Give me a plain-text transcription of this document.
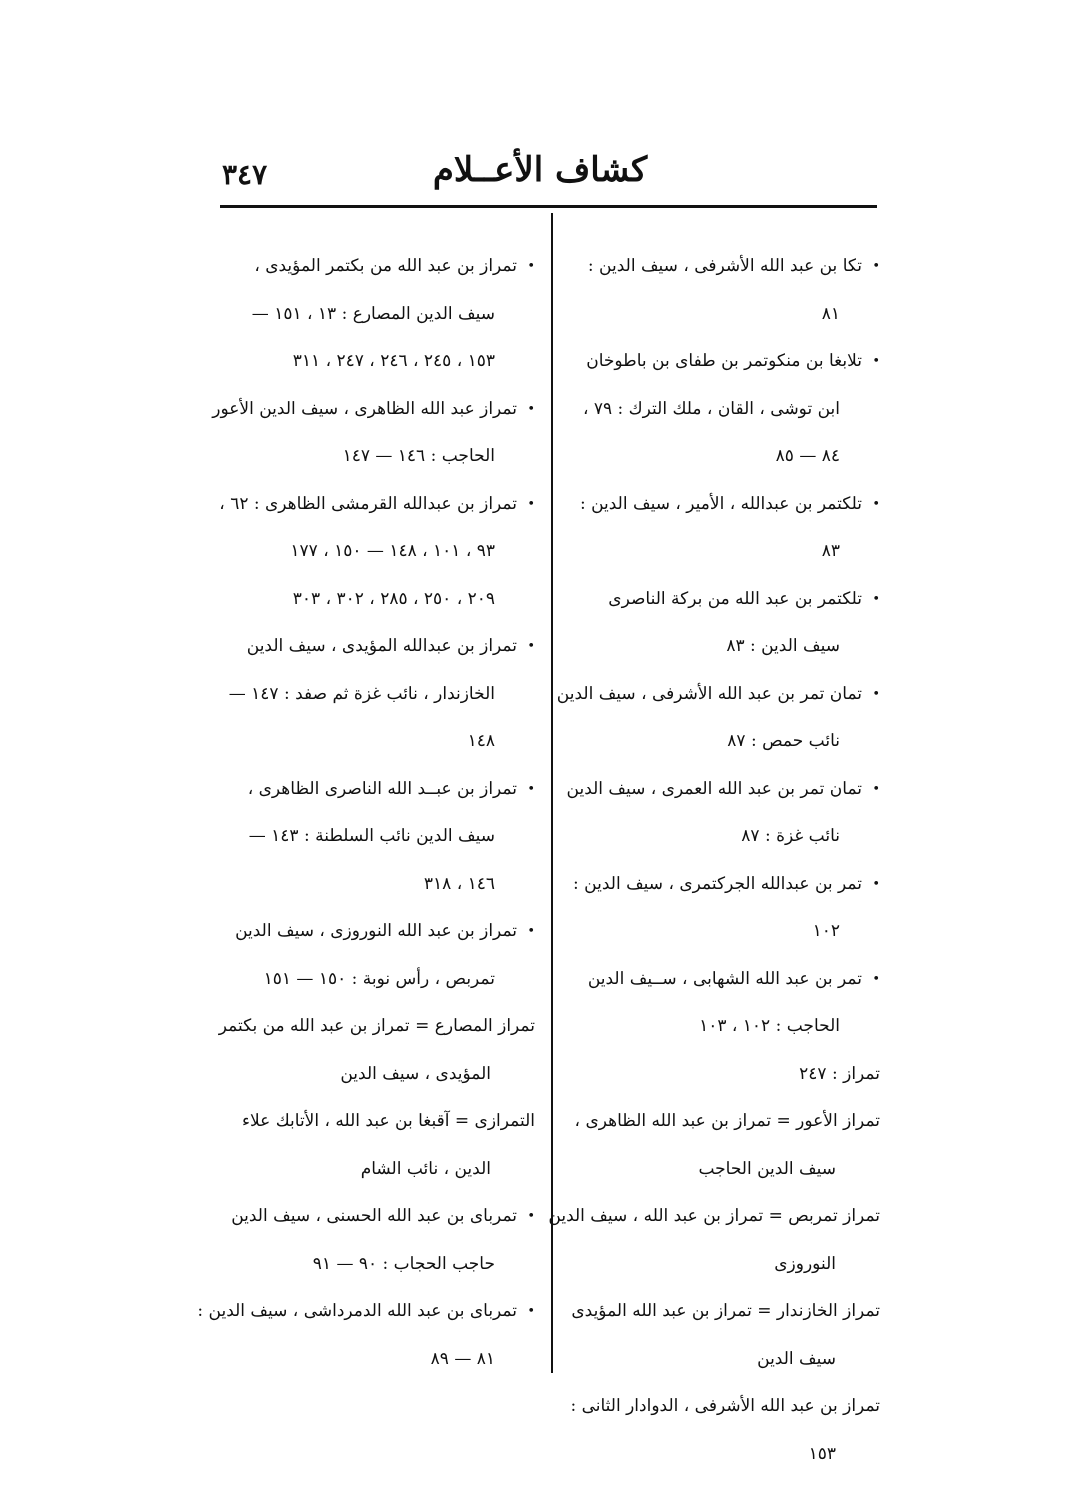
كشاف الأعــلام
٣٤٧
•
تكا بن عبد الله الأشرفى ، سيف الدين :
٨١
•
تلابغا بن منكوتمر بن طفاى بن باطوخان
ابن توشى ، القان ، ملك الترك : ٧٩ ،
٨٤ — ٨٥
•
تلكتمر بن عبدالله ، الأمير ، سيف الدين :
٨٣
•
تلكتمر بن عبد الله من بركة الناصرى
سيف الدين : ٨٣
•
تمان تمر بن عبد الله الأشرفى ، سيف الدين
نائب حمص : ٨٧
•
تمان تمر بن عبد الله العمرى ، سيف الدين
نائب غزة : ٨٧
•
تمر بن عبدالله الجركتمرى ، سيف الدين :
١٠٢
•
تمر بن عبد الله الشهابى ، ســيف الدين
الحاجب : ١٠٢ ، ١٠٣
تمراز : ٢٤٧
تمراز الأعور = تمراز بن عبد الله الظاهرى ،
سيف الدين الحاجب
تمراز تمربص = تمراز بن عبد الله ، سيف الدين
النوروزى
تمراز الخازندار = تمراز بن عبد الله المؤيدى
سيف الدين
تمراز بن عبد الله الأشرفى ، الدوادار الثانى :
١٥٣
•
تمراز بن عبد الله من بكتمر المؤيدى ،
سيف الدين المصارع : ١٣ ، ١٥١ —
١٥٣ ، ٢٤٥ ، ٢٤٦ ، ٢٤٧ ، ٣١١
•
تمراز عبد الله الظاهرى ، سيف الدين الأعور
الحاجب : ١٤٦ — ١٤٧
•
تمراز بن عبدالله القرمشى الظاهرى : ٦٢ ،
٩٣ ، ١٠١ ، ١٤٨ — ١٥٠ ، ١٧٧
٢٠٩ ، ٢٥٠ ، ٢٨٥ ، ٣٠٢ ، ٣٠٣
•
تمراز بن عبدالله المؤيدى ، سيف الدين
الخازندار ، نائب غزة ثم صفد : ١٤٧ —
١٤٨
•
تمراز بن عبــد الله الناصرى الظاهرى ،
سيف الدين نائب السلطنة : ١٤٣ —
١٤٦ ، ٣١٨
•
تمراز بن عبد الله النوروزى ، سيف الدين
تمربص ، رأس نوبة : ١٥٠ — ١٥١
تمراز المصارع = تمراز بن عبد الله من بكتمر
المؤيدى ، سيف الدين
التمرازى = آقبغا بن عبد الله ، الأتابك علاء
الدين ، نائب الشام
•
تمرباى بن عبد الله الحسنى ، سيف الدين
حاجب الحجاب : ٩٠ — ٩١
•
تمرباى بن عبد الله الدمرداشى ، سيف الدين :
٨١ — ٨٩
